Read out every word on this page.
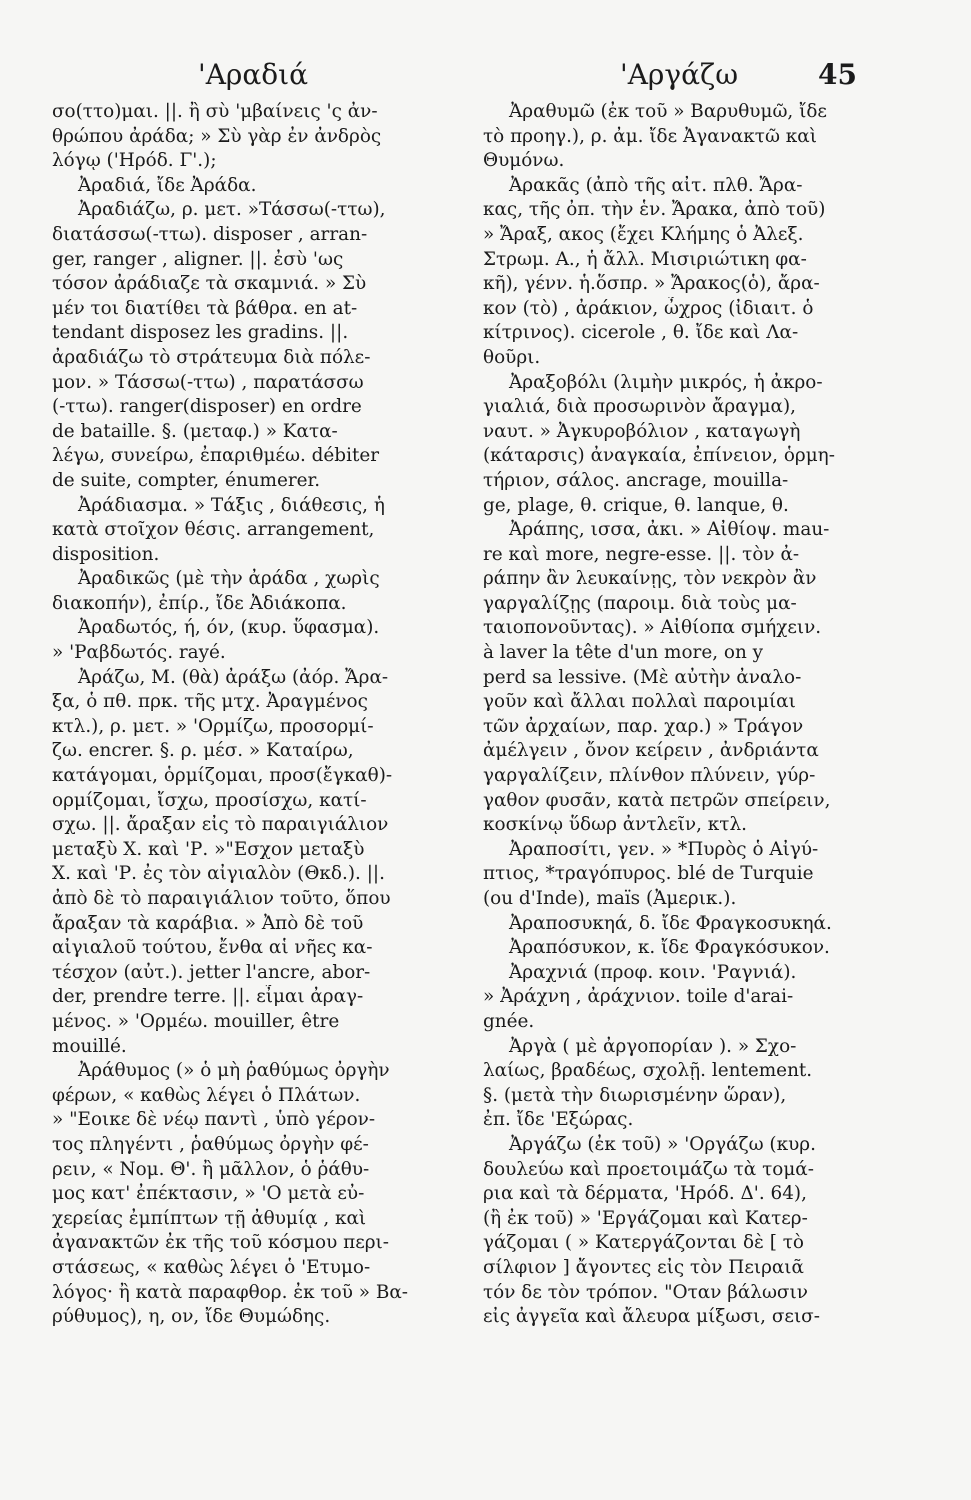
'Αραδιά	'Αργάζω	45
σο(ττο)μαι. ||. ἢ σὺ 'μβαίνεις 'ς ἀν-
θρώπου ἀράδα; » Σὺ γὰρ ἐν ἀνδρὸς
λόγῳ ('Ηρόδ. Γ'.);
Ἀραδιά, ἴδε Ἀράδα.
Ἀραδιάζω, ρ. μετ. »Τάσσω(-ττω),
διατάσσω(-ττω). disposer , arran-
ger, ranger , aligner. ||. ἐσὺ 'ως
τόσον ἀράδιαζε τὰ σκαμνιά. » Σὺ
μέν τοι διατίθει τὰ βάθρα. en at-
tendant disposez les gradins. ||.
ἀραδιάζω τὸ στράτευμα διὰ πόλε-
μον. » Τάσσω(-ττω) , παρατάσσω
(-ττω). ranger(disposer) en ordre
de bataille. §. (μεταφ.) » Κατα-
λέγω, συνείρω, ἐπαριθμέω. débiter
de suite, compter, énumerer.
Ἀράδιασμα. » Τάξις , διάθεσις, ἡ
κατὰ στοῖχον θέσις. arrangement,
disposition.
Ἀραδικῶς (μὲ τὴν ἀράδα , χωρὶς
διακοπήν), ἐπίρ., ἴδε Ἀδιάκοπα.
Ἀραδωτός, ή, όν, (κυρ. ὕφασμα).
» 'Ραβδωτός. rayé.
Ἀράζω, Μ. (θὰ) ἀράξω (ἀόρ. Ἄρα-
ξα, ὁ πθ. πρκ. τῆς μτχ. Ἀραγμένος
κτλ.), ρ. μετ. » 'Ορμίζω, προσορμί-
ζω. encrer. §. ρ. μέσ. » Καταίρω,
κατάγομαι, ὁρμίζομαι, προσ(ἔγκαθ)-
ορμίζομαι, ἴσχω, προσίσχω, κατί-
σχω. ||. ἄραξαν εἰς τὸ παραιγιάλιον
μεταξὺ Χ. καὶ 'Ρ. »"Εσχον μεταξὺ
Χ. καὶ 'Ρ. ἐς τὸν αἰγιαλὸν (Θκδ.). ||.
ἀπὸ δὲ τὸ παραιγιάλιον τοῦτο, ὅπου
ἄραξαν τὰ καράβια. » Ἀπὸ δὲ τοῦ
αἰγιαλοῦ τούτου, ἔνθα αἱ νῆες κα-
τέσχον (αὐτ.). jetter l'ancre, abor-
der, prendre terre. ||. εἶμαι ἀραγ-
μένος. » 'Ορμέω. mouiller, être
mouillé.
Ἀράθυμος (» ὁ μὴ ῥαθύμως ὀργὴν
φέρων, « καθὼς λέγει ὁ Πλάτων.
» "Εοικε δὲ νέῳ παντὶ , ὑπὸ γέρον-
τος πληγέντι , ῥαθύμως ὀργὴν φέ-
ρειν, « Νομ. Θ'. ἢ μᾶλλον, ὁ ῥάθυ-
μος κατ' ἐπέκτασιν, » 'Ο μετὰ εὐ-
χερείας ἐμπίπτων τῇ ἀθυμίᾳ , καὶ
ἀγανακτῶν ἐκ τῆς τοῦ κόσμου περι-
στάσεως, « καθὼς λέγει ὁ 'Ετυμο-
λόγος· ἢ κατὰ παραφθορ. ἐκ τοῦ » Βα-
ρύθυμος), η, ον, ἴδε Θυμώδης.
Ἀραθυμῶ (ἐκ τοῦ » Βαρυθυμῶ, ἴδε
τὸ προηγ.), ρ. ἀμ. ἴδε Ἀγανακτῶ καὶ
Θυμόνω.
Ἀρακᾶς (ἀπὸ τῆς αἰτ. πλθ. Ἄρα-
κας, τῆς ὀπ. τὴν ἑν. Ἄρακα, ἀπὸ τοῦ)
» Ἄραξ, ακος (ἔχει Κλήμης ὁ Ἀλεξ.
Στρωμ. Α., ἡ ἄλλ. Μισιριώτικη φα-
κῆ), γένν. ἡ.ὅσπρ. » Ἄρακος(ὁ), ἄρα-
κον (τὸ) , ἀράκιον, ὦχρος (ἰδιαιτ. ὁ
κίτρινος). cicerole , θ. ἴδε καὶ Λα-
θοῦρι.
Ἀραξοβόλι (λιμὴν μικρός, ἡ ἀκρο-
γιαλιά, διὰ προσωρινὸν ἄραγμα),
ναυτ. » Ἀγκυροβόλιον , καταγωγὴ
(κάταρσις) ἀναγκαία, ἐπίνειον, ὁρμη-
τήριον, σάλος. ancrage, mouilla-
ge, plage, θ. crique, θ. lanque, θ.
Ἀράπης, ισσα, ἀκι. » Αἰθίοψ. mau-
re καὶ more, negre-esse. ||. τὸν ἀ-
ράπην ἂν λευκαίνῃς, τὸν νεκρὸν ἂν
γαργαλίζῃς (παροιμ. διὰ τοὺς μα-
ταιοπονοῦντας). » Αἰθίοπα σμήχειν.
à laver la tête d'un more, on y
perd sa lessive. (Μὲ αὐτὴν ἀναλο-
γοῦν καὶ ἄλλαι πολλαὶ παροιμίαι
τῶν ἀρχαίων, παρ. χαρ.) » Τράγον
ἀμέλγειν , ὄνον κείρειν , ἀνδριάντα
γαργαλίζειν, πλίνθον πλύνειν, γύρ-
γαθον φυσᾶν, κατὰ πετρῶν σπείρειν,
κοσκίνῳ ὕδωρ ἀντλεῖν, κτλ.
Ἀραποσίτι, γεν. » *Πυρὸς ὁ Αἰγύ-
πτιος, *τραγόπυρος. blé de Turquie
(ou d'Inde), maïs (Ἀμερικ.).
Ἀραποσυκηά, δ. ἴδε Φραγκοσυκηά.
Ἀραπόσυκον, κ. ἴδε Φραγκόσυκον.
Ἀραχνιά (προφ. κοιν. 'Ραγνιά).
» Ἀράχνη , ἀράχνιον. toile d'arai-
gnée.
Ἀργὰ ( μὲ ἀργοπορίαν ). » Σχο-
λαίως, βραδέως, σχολῇ. lentement.
§. (μετὰ τὴν διωρισμένην ὥραν),
ἐπ. ἴδε 'Εξώρας.
Ἀργάζω (ἐκ τοῦ) » 'Οργάζω (κυρ.
δουλεύω καὶ προετοιμάζω τὰ τομά-
ρια καὶ τὰ δέρματα, 'Ηρόδ. Δ'. 64),
(ἢ ἐκ τοῦ) » 'Εργάζομαι καὶ Κατερ-
γάζομαι ( » Κατεργάζονται δὲ [ τὸ
σίλφιον ] ἄγοντες εἰς τὸν Πειραιᾶ
τόν δε τὸν τρόπον. "Οταν βάλωσιν
εἰς ἀγγεῖα καὶ ἄλευρα μίξωσι, σεισ-
